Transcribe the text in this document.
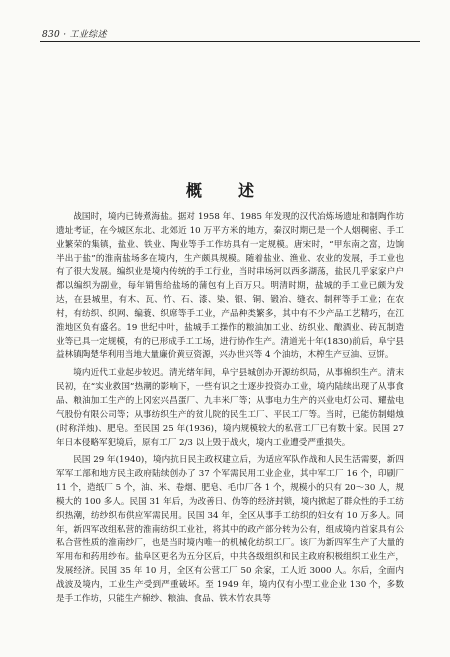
830 · 工业综述
概　述

战国时，境内已铸煮海盐。据对 1958 年、1985 年发现的汉代冶炼场遗址和制陶作坊遗址考证，在今城区东北、北郊近 10 万平方米的地方，秦汉时期已是一个人烟稠密、手工业繁荣的集镇，盐业、铁业、陶业等手工作坊具有一定规模。唐宋时，“甲东南之富，边饷半出于盐”的淮南盐场多在境内，生产颇具规模。随着盐业、渔业、农业的发展，手工业也有了很大发展。编织业是境内传统的手工行业，当时串场河以西多湖荡，盐民几乎家家户户都以编织为副业，每年销售给盐场的蒲包有上百万只。明清时期，盐城的手工业已颇为发达，在县城里，有木、瓦、竹、石、漆、染、银、铜、锻冶、缝衣、制秤等手工业；在农村，有纺织、织网、编蓑、织席等手工业，产品种类繁多，其中有不少产品工艺精巧，在江淮地区负有盛名。19 世纪中叶，盐城手工操作的粮油加工业、纺织业、酿酒业、砖瓦制造业等已具一定规模，有的已形成手工工场，进行协作生产。清道光十年(1830)前后，阜宁县益林镇陶楚华利用当地大量廉价黄豆资源，兴办世兴等 4 个油坊，木榨生产豆油、豆饼。

境内近代工业起步较迟。清光绪年间，阜宁县城创办开源纺织局，从事棉织生产。清末民初，在“实业救国”热潮的影响下，一些有识之士逐步投资办工业，境内陆续出现了从事食品、粮油加工生产的上冈宏兴昌蛋厂、九丰米厂等；从事电力生产的兴业电灯公司、耀盐电气股份有限公司等；从事纺织生产的贫儿院的民生工厂、平民工厂等。当时，已能仿制蜡烛(时称洋烛)、肥皂。至民国 25 年(1936)，境内规模较大的私营工厂已有数十家。民国 27 年日本侵略军犯境后，原有工厂 2/3 以上毁于战火，境内工业遭受严重损失。

民国 29 年(1940)，境内抗日民主政权建立后，为适应军队作战和人民生活需要，新四军军工部和地方民主政府陆续创办了 37 个军需民用工业企业，其中军工厂 16 个，印刷厂 11 个，造纸厂 5 个，油、米、卷烟、肥皂、毛巾厂各 1 个，规模小的只有 20～30 人，规模大的 100 多人。民国 31 年后，为改善日、伪等的经济封锁，境内掀起了群众性的手工纺织热潮，纺纱织布供应军需民用。民国 34 年，全区从事手工纺织的妇女有 10 万多人。同年，新四军改组私营的淮南纺织工业社，将其中的政产部分转为公有，组成境内首家具有公私合营性质的淮南纱厂，也是当时境内唯一的机械化纺织工厂。该厂为新四军生产了大量的军用布和药用纱布。盐阜区更名为五分区后，中共各级组织和民主政府积极组织工业生产，发展经济。民国 35 年 10 月，全区有公营工厂 50 余家，工人近 3000 人。尔后，全面内战波及境内，工业生产受到严重破坏。至 1949 年，境内仅有小型工业企业 130 个，多数是手工作坊，只能生产棉纱、粮油、食品、铁木竹农具等
